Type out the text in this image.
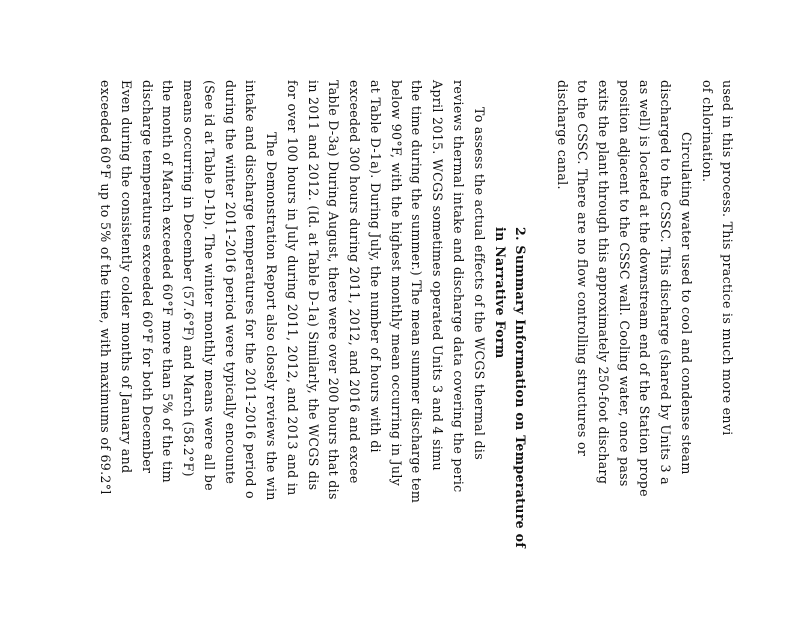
used in this process. This practice is much more envi
of chlorination.
Circulating water used to cool and condense steam
discharged to the CSSC. This discharge (shared by Units 3 a
as well) is located at the downstream end of the Station prope
position adjacent to the CSSC wall. Cooling water, once pass
exits the plant through this approximately 250-foot discharg
to the CSSC. There are no flow controlling structures or
discharge canal.
2. Summary Information on Temperature of
in Narrative Form
To assess the actual effects of the WCGS thermal dis
reviews thermal intake and discharge data covering the peric
April 2015. WCGS sometimes operated Units 3 and 4 simu
the time during the summer.) The mean summer discharge tem
below 90°F, with the highest monthly mean occurring in July
at Table D-1a). During July, the number of hours with di
exceeded 300 hours during 2011, 2012, and 2016 and excee
Table D-3a) During August, there were over 200 hours that dis
in 2011 and 2012. (Id. at Table D-1a) Similarly, the WCGS dis
for over 100 hours in July during 2011, 2012, and 2013 and in
The Demonstration Report also closely reviews the win
intake and discharge temperatures for the 2011-2016 period o
during the winter 2011-2016 period were typically encounte
(See id at Table D-1b). The winter monthly means were all be
means occurring in December (57.6°F) and March (58.2°F)
the month of March exceeded 60°F more than 5% of the tim
discharge temperatures exceeded 60°F for both December
Even during the consistently colder months of January and
exceeded 60°F up to 5% of the time, with maximums of 69.2°l
